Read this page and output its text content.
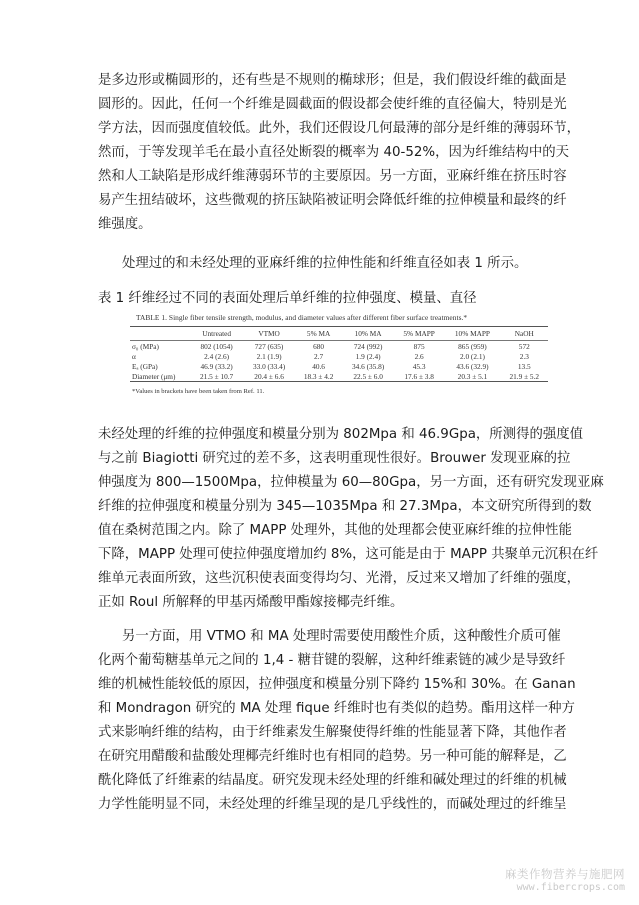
是多边形或椭圆形的，还有些是不规则的椭球形；但是，我们假设纤维的截面是
圆形的。因此，任何一个纤维是圆截面的假设都会使纤维的直径偏大，特别是光
学方法，因而强度值较低。此外，我们还假设几何最薄的部分是纤维的薄弱环节，
然而，于等发现羊毛在最小直径处断裂的概率为 40-52%，因为纤维结构中的天
然和人工缺陷是形成纤维薄弱环节的主要原因。另一方面，亚麻纤维在挤压时容
易产生扭结破坏，这些微观的挤压缺陷被证明会降低纤维的拉伸模量和最终的纤
维强度。
处理过的和未经处理的亚麻纤维的拉伸性能和纤维直径如表 1 所示。
表 1 纤维经过不同的表面处理后单纤维的拉伸强度、模量、直径
TABLE 1. Single fiber tensile strength, modulus, and diameter values after different fiber surface treatments.*
	Untreated	VTMO	5% MA	10% MA	5% MAPP	10% MAPP	NaOH

σ₀ (MPa)	802 (1054)	727 (635)	680	724 (992)	875	865 (959)	572
α	2.4 (2.6)	2.1 (1.9)	2.7	1.9 (2.4)	2.6	2.0 (2.1)	2.3
Eₐ (GPa)	46.9 (33.2)	33.0 (33.4)	40.6	34.6 (35.8)	45.3	43.6 (32.9)	13.5
Diameter (μm)	21.5 ± 10.7	20.4 ± 6.6	18.3 ± 4.2	22.5 ± 6.0	17.6 ± 3.8	20.3 ± 5.1	21.9 ± 5.2
*Values in brackets have been taken from Ref. 11.
未经处理的纤维的拉伸强度和模量分别为 802Mpa 和 46.9Gpa，所测得的强度值
与之前 Biagiotti 研究过的差不多，这表明重现性很好。Brouwer 发现亚麻的拉
伸强度为 800—1500Mpa，拉伸模量为 60—80Gpa，另一方面，还有研究发现亚麻
纤维的拉伸强度和模量分别为 345—1035Mpa 和 27.3Mpa，本文研究所得到的数
值在桑树范围之内。除了 MAPP 处理外，其他的处理都会使亚麻纤维的拉伸性能
下降，MAPP 处理可使拉伸强度增加约 8%，这可能是由于 MAPP 共聚单元沉积在纤
维单元表面所致，这些沉积使表面变得均匀、光滑，反过来又增加了纤维的强度，
正如 Roul 所解释的甲基丙烯酸甲酯嫁接椰壳纤维。
另一方面，用 VTMO 和 MA 处理时需要使用酸性介质，这种酸性介质可催
化两个葡萄糖基单元之间的 1,4 - 糖苷键的裂解，这种纤维素链的减少是导致纤
维的机械性能较低的原因，拉伸强度和模量分别下降约 15%和 30%。在 Ganan
和 Mondragon 研究的 MA 处理 fique 纤维时也有类似的趋势。酯用这样一种方
式来影响纤维的结构，由于纤维素发生解聚使得纤维的性能显著下降，其他作者
在研究用醋酸和盐酸处理椰壳纤维时也有相同的趋势。另一种可能的解释是，乙
酰化降低了纤维素的结晶度。研究发现未经处理的纤维和碱处理过的纤维的机械
力学性能明显不同，未经处理的纤维呈现的是几乎线性的，而碱处理过的纤维呈
麻类作物营养与施肥网
www.fibercrops.com
